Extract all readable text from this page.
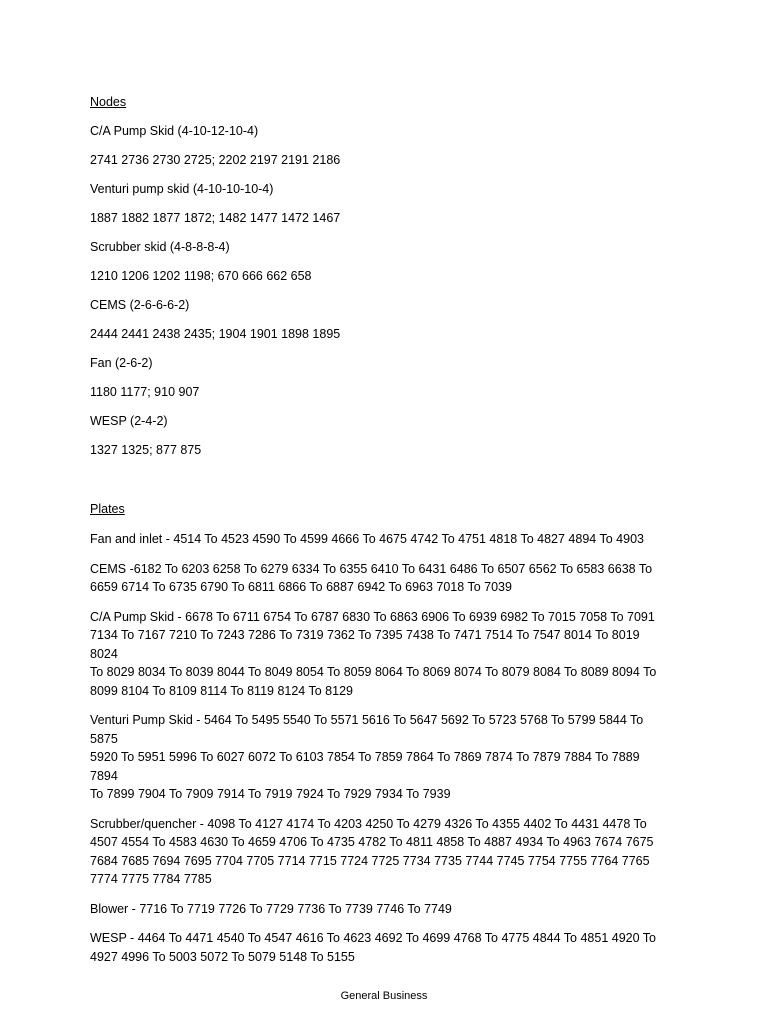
Nodes
C/A Pump Skid (4-10-12-10-4)
2741 2736 2730 2725; 2202 2197 2191 2186
Venturi pump skid (4-10-10-10-4)
1887 1882 1877 1872; 1482 1477 1472 1467
Scrubber skid (4-8-8-8-4)
1210 1206 1202 1198; 670 666 662 658
CEMS (2-6-6-6-2)
2444 2441 2438 2435; 1904 1901 1898 1895
Fan (2-6-2)
1180 1177; 910 907
WESP (2-4-2)
1327 1325; 877 875
Plates
Fan and inlet - 4514 To 4523 4590 To 4599 4666 To 4675 4742 To 4751 4818 To 4827 4894 To 4903
CEMS -6182 To 6203 6258 To 6279 6334 To 6355 6410 To 6431 6486 To 6507 6562 To 6583 6638 To
6659 6714 To 6735 6790 To 6811 6866 To 6887 6942 To 6963 7018 To 7039
C/A Pump Skid - 6678 To 6711 6754 To 6787 6830 To 6863 6906 To 6939 6982 To 7015 7058 To 7091
7134 To 7167 7210 To 7243 7286 To 7319 7362 To 7395 7438 To 7471 7514 To 7547 8014 To 8019 8024
To 8029 8034 To 8039 8044 To 8049 8054 To 8059 8064 To 8069 8074 To 8079 8084 To 8089 8094 To
8099 8104 To 8109 8114 To 8119 8124 To 8129
Venturi Pump Skid - 5464 To 5495 5540 To 5571 5616 To 5647 5692 To 5723 5768 To 5799 5844 To 5875
5920 To 5951 5996 To 6027 6072 To 6103 7854 To 7859 7864 To 7869 7874 To 7879 7884 To 7889 7894
To 7899 7904 To 7909 7914 To 7919 7924 To 7929 7934 To 7939
Scrubber/quencher - 4098 To 4127 4174 To 4203 4250 To 4279 4326 To 4355 4402 To 4431 4478 To
4507 4554 To 4583 4630 To 4659 4706 To 4735 4782 To 4811 4858 To 4887 4934 To 4963 7674 7675
7684 7685 7694 7695 7704 7705 7714 7715 7724 7725 7734 7735 7744 7745 7754 7755 7764 7765
7774 7775 7784 7785
Blower - 7716 To 7719 7726 To 7729 7736 To 7739 7746 To 7749
WESP - 4464 To 4471 4540 To 4547 4616 To 4623 4692 To 4699 4768 To 4775 4844 To 4851 4920 To
4927 4996 To 5003 5072 To 5079 5148 To 5155
General Business
